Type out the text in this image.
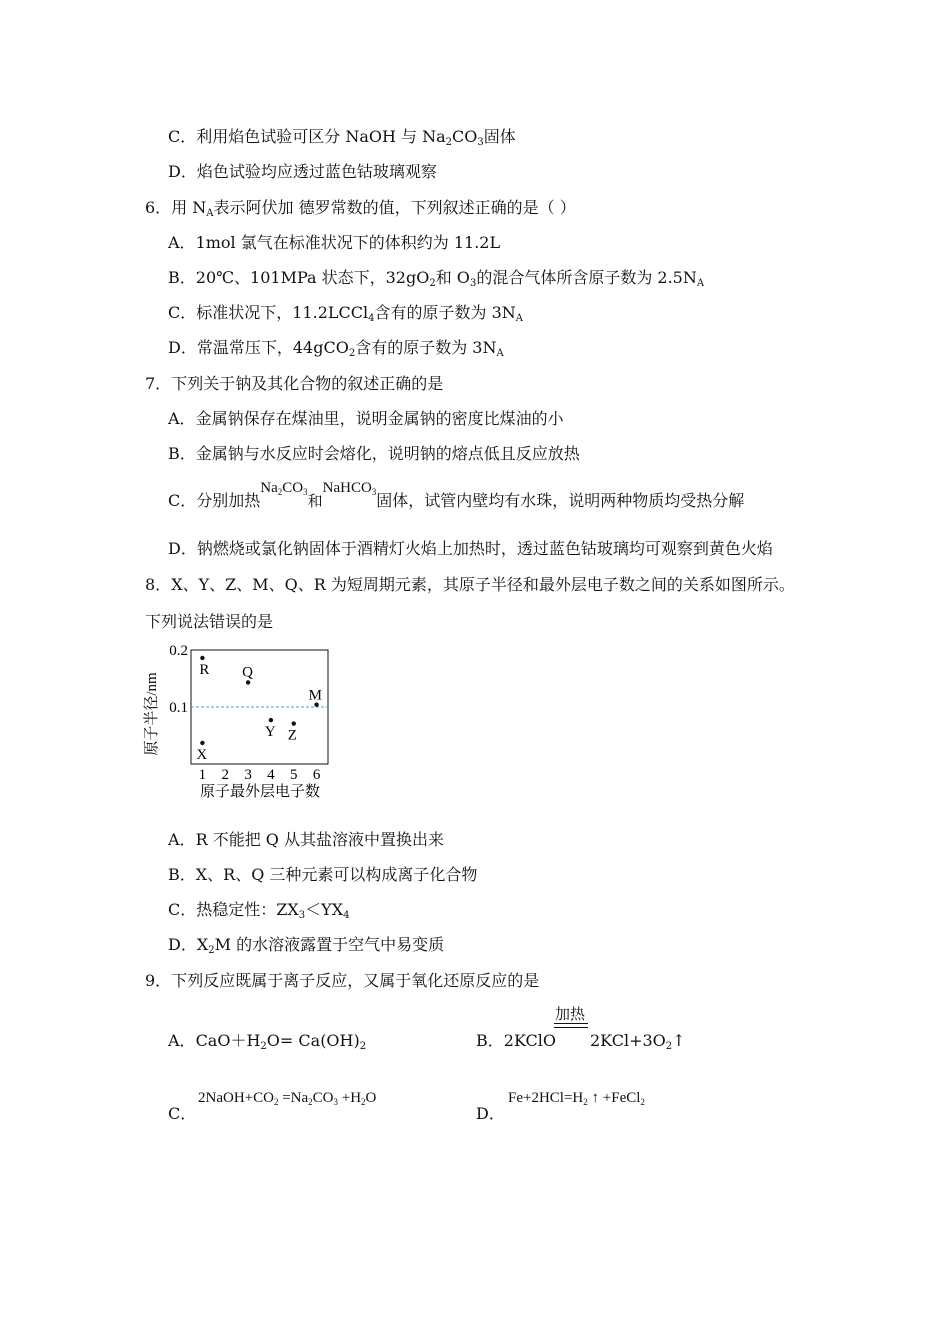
C．利用焰色试验可区分 NaOH 与 $Na_2CO_3$固体
D．焰色试验均应透过蓝色钴玻璃观察
6．用 $N_A$表示阿伏加 德罗常数的值，下列叙述正确的是（ ）
A．1mol 氯气在标准状况下的体积约为 11.2L
B．20℃、101MPa 状态下，$32gO_2$和 $O_3$的混合气体所含原子数为 $2.5N_A$
C．标准状况下，11.2LCCl$_4$含有的原子数为 $3N_A$
D．常温常压下，44gCO$_2$含有的原子数为 $3N_A$
7．下列关于钠及其化合物的叙述正确的是
A．金属钠保存在煤油里，说明金属钠的密度比煤油的小
B．金属钠与水反应时会熔化，说明钠的熔点低且反应放热
C．分别加热$Na_2CO_3$和NaHCO$_3$固体，试管内壁均有水珠，说明两种物质均受热分解
D．钠燃烧或氯化钠固体于酒精灯火焰上加热时，透过蓝色钴玻璃均可观察到黄色火焰
8．X、Y、Z、M、Q、R 为短周期元素，其原子半径和最外层电子数之间的关系如图所示。
下列说法错误的是
0.1
0.2
1 2 3 4 5 6
R Q
M
Y Z
X
原子半径/nm
原子最外层电子数
A．R 不能把 Q 从其盐溶液中置换出来
B．X、R、Q 三种元素可以构成离子化合物
C．热稳定性：$ZX_3<YX_4$
D．$X_2M$ 的水溶液露置于空气中易变质
9．下列反应既属于离子反应，又属于氧化还原反应的是
A．$CaO+H_2O= Ca(OH)_2$	B．2KClO
加热
$2KCl+3O_2↑$
C．
$2NaOH+CO_2 =Na_2CO_3 +H_2O$
D．
$Fe+2HCl=H_2$ ↑ +FeCl$_2$
